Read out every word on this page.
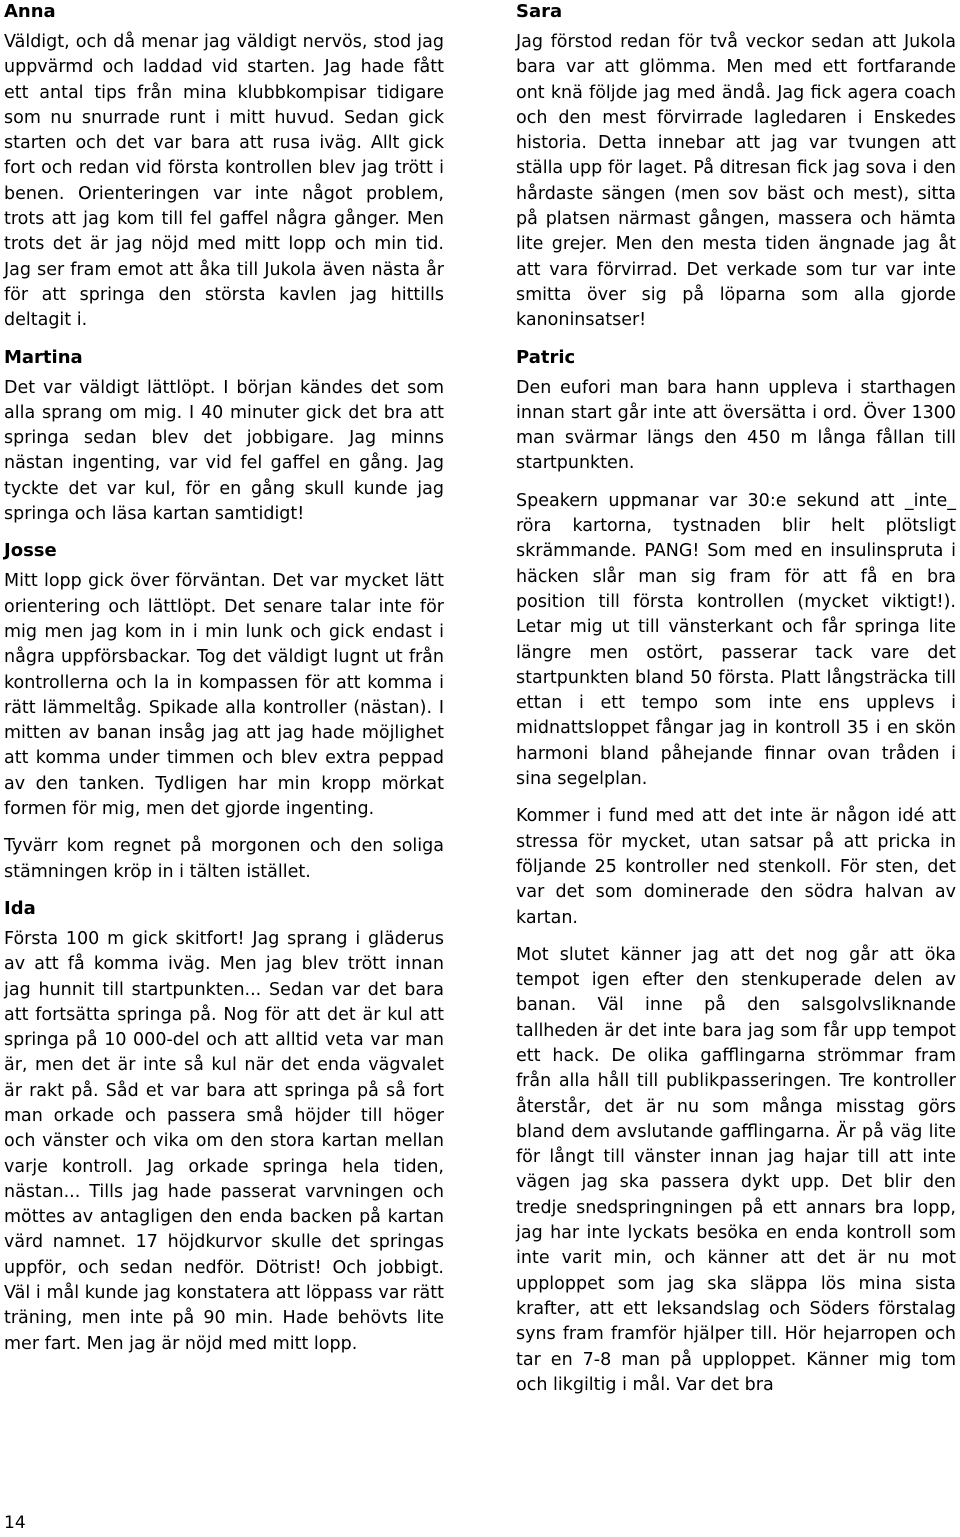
Anna

Väldigt, och då menar jag väldigt nervös, stod jag uppvärmd och laddad vid starten. Jag hade fått ett antal tips från mina klubbkompisar tidigare som nu snurrade runt i mitt huvud. Sedan gick starten och det var bara att rusa iväg. Allt gick fort och redan vid första kontrollen blev jag trött i benen. Orienteringen var inte något problem, trots att jag kom till fel gaffel några gånger. Men trots det är jag nöjd med mitt lopp och min tid. Jag ser fram emot att åka till Jukola även nästa år för att springa den största kavlen jag hittills deltagit i.

Martina

Det var väldigt lättlöpt. I början kändes det som alla sprang om mig. I 40 minuter gick det bra att springa sedan blev det jobbigare. Jag minns nästan ingenting, var vid fel gaffel en gång. Jag tyckte det var kul, för en gång skull kunde jag springa och läsa kartan samtidigt!

Josse

Mitt lopp gick över förväntan. Det var mycket lätt orientering och lättlöpt. Det senare talar inte för mig men jag kom in i min lunk och gick endast i några uppförsbackar. Tog det väldigt lugnt ut från kontrollerna och la in kompassen för att komma i rätt lämmeltåg. Spikade alla kontroller (nästan). I mitten av banan insåg jag att jag hade möjlighet att komma under timmen och blev extra peppad av den tanken. Tydligen har min kropp mörkat formen för mig, men det gjorde ingenting.

Tyvärr kom regnet på morgonen och den soliga stämningen kröp in i tälten istället.

Ida

Första 100 m gick skitfort! Jag sprang i gläderus av att få komma iväg. Men jag blev trött innan jag hunnit till startpunkten... Sedan var det bara att fortsätta springa på. Nog för att det är kul att springa på 10 000-del och att alltid veta var man är, men det är inte så kul när det enda vägvalet är rakt på. Såd et var bara att springa på så fort man orkade och passera små höjder till höger och vänster och vika om den stora kartan mellan varje kontroll. Jag orkade springa hela tiden, nästan... Tills jag hade passerat varvningen och möttes av antagligen den enda backen på kartan värd namnet. 17 höjdkurvor skulle det springas uppför, och sedan nedför. Dötrist! Och jobbigt. Väl i mål kunde jag konstatera att löppass var rätt träning, men inte på 90 min. Hade behövts lite mer fart. Men jag är nöjd med mitt lopp.

Sara

Jag förstod redan för två veckor sedan att Jukola bara var att glömma. Men med ett fortfarande ont knä följde jag med ändå. Jag fick agera coach och den mest förvirrade lagledaren i Enskedes historia. Detta innebar att jag var tvungen att ställa upp för laget. På ditresan fick jag sova i den hårdaste sängen (men sov bäst och mest), sitta på platsen närmast gången, massera och hämta lite grejer. Men den mesta tiden ängnade jag åt att vara förvirrad. Det verkade som tur var inte smitta över sig på löparna som alla gjorde kanoninsatser!

Patric

Den eufori man bara hann uppleva i starthagen innan start går inte att översätta i ord. Över 1300 man svärmar längs den 450 m långa fållan till startpunkten.

Speakern uppmanar var 30:e sekund att _inte_ röra kartorna, tystnaden blir helt plötsligt skrämmande. PANG! Som med en insulinspruta i häcken slår man sig fram för att få en bra position till första kontrollen (mycket viktigt!). Letar mig ut till vänsterkant och får springa lite längre men ostört, passerar tack vare det startpunkten bland 50 första. Platt långsträcka till ettan i ett tempo som inte ens upplevs i midnattsloppet fångar jag in kontroll 35 i en skön harmoni bland påhejande finnar ovan tråden i sina segelplan.

Kommer i fund med att det inte är någon idé att stressa för mycket, utan satsar på att pricka in följande 25 kontroller ned stenkoll. För sten, det var det som dominerade den södra halvan av kartan.

Mot slutet känner jag att det nog går att öka tempot igen efter den stenkuperade delen av banan. Väl inne på den salsgolvsliknande tallheden är det inte bara jag som får upp tempot ett hack. De olika gafflingarna strömmar fram från alla håll till publikpasseringen. Tre kontroller återstår, det är nu som många misstag görs bland dem avslutande gafflingarna. Är på väg lite för långt till vänster innan jag hajar till att inte vägen jag ska passera dykt upp. Det blir den tredje snedspringningen på ett annars bra lopp, jag har inte lyckats besöka en enda kontroll som inte varit min, och känner att det är nu mot upploppet som jag ska släppa lös mina sista krafter, att ett leksandslag och Söders förstalag syns fram framför hjälper till. Hör hejarropen och tar en 7-8 man på upploppet. Känner mig tom och likgiltig i mål. Var det bra

14
